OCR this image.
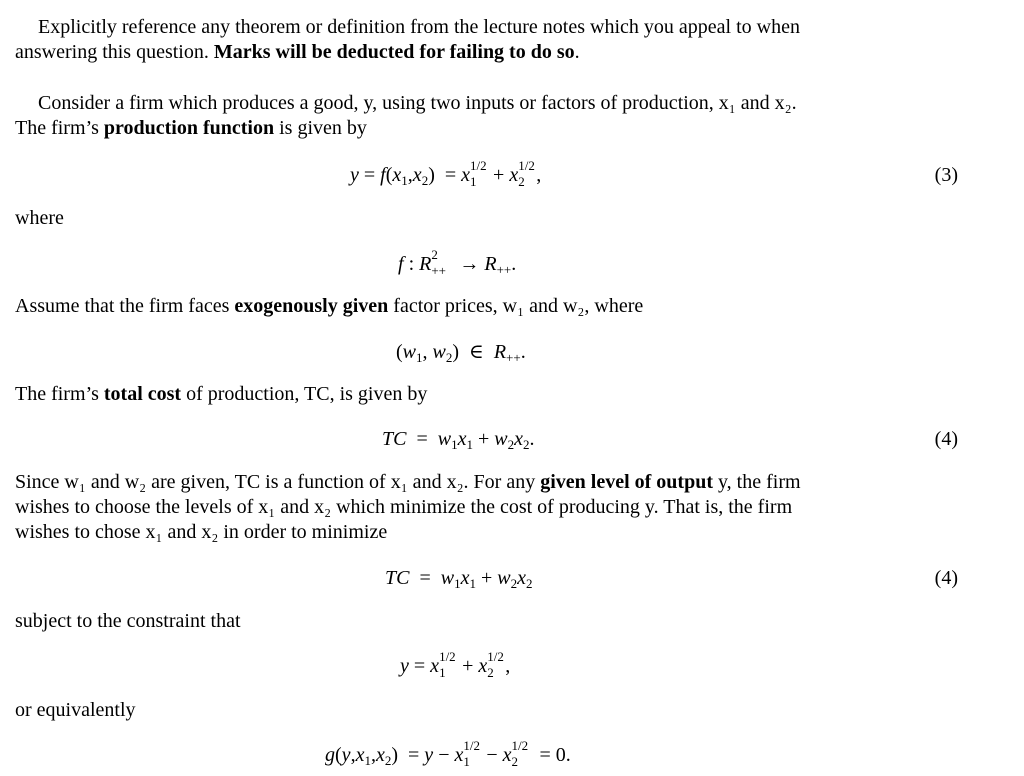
Explicitly reference any theorem or definition from the lecture notes which you appeal to when
answering this question. Marks will be deducted for failing to do so.
Consider a firm which produces a good, y, using two inputs or factors of production, x₁ and x₂.
The firm’s production function is given by
$y = f(x_1,x_2) = x$ 1/2
1 + x 1/2
2 ,	(3)
where
f : R 2
++ → $R_{++}$.
Assume that the firm faces exogenously given factor prices, w₁ and w₂, where
($w_1$, $w_2$)  ∈  $R_{++}$.
The firm’s total cost of production, TC, is given by
TC  =  $w_1x_1 + w_2x_2$.	(4)
Since w₁ and w₂ are given, TC is a function of x₁ and x₂. For any given level of output y, the firm
wishes to choose the levels of x₁ and x₂ which minimize the cost of producing y. That is, the firm
wishes to chose x₁ and x₂ in order to minimize
TC  =  $w_1x_1 + w_2x_2$	(4)
subject to the constraint that
y = x 1/2
1 + x 1/2
2 ,
or equivalently
$g(y,x_1,x_2) = y - x$ 1/2
1 − x 1/2
2 = 0.
